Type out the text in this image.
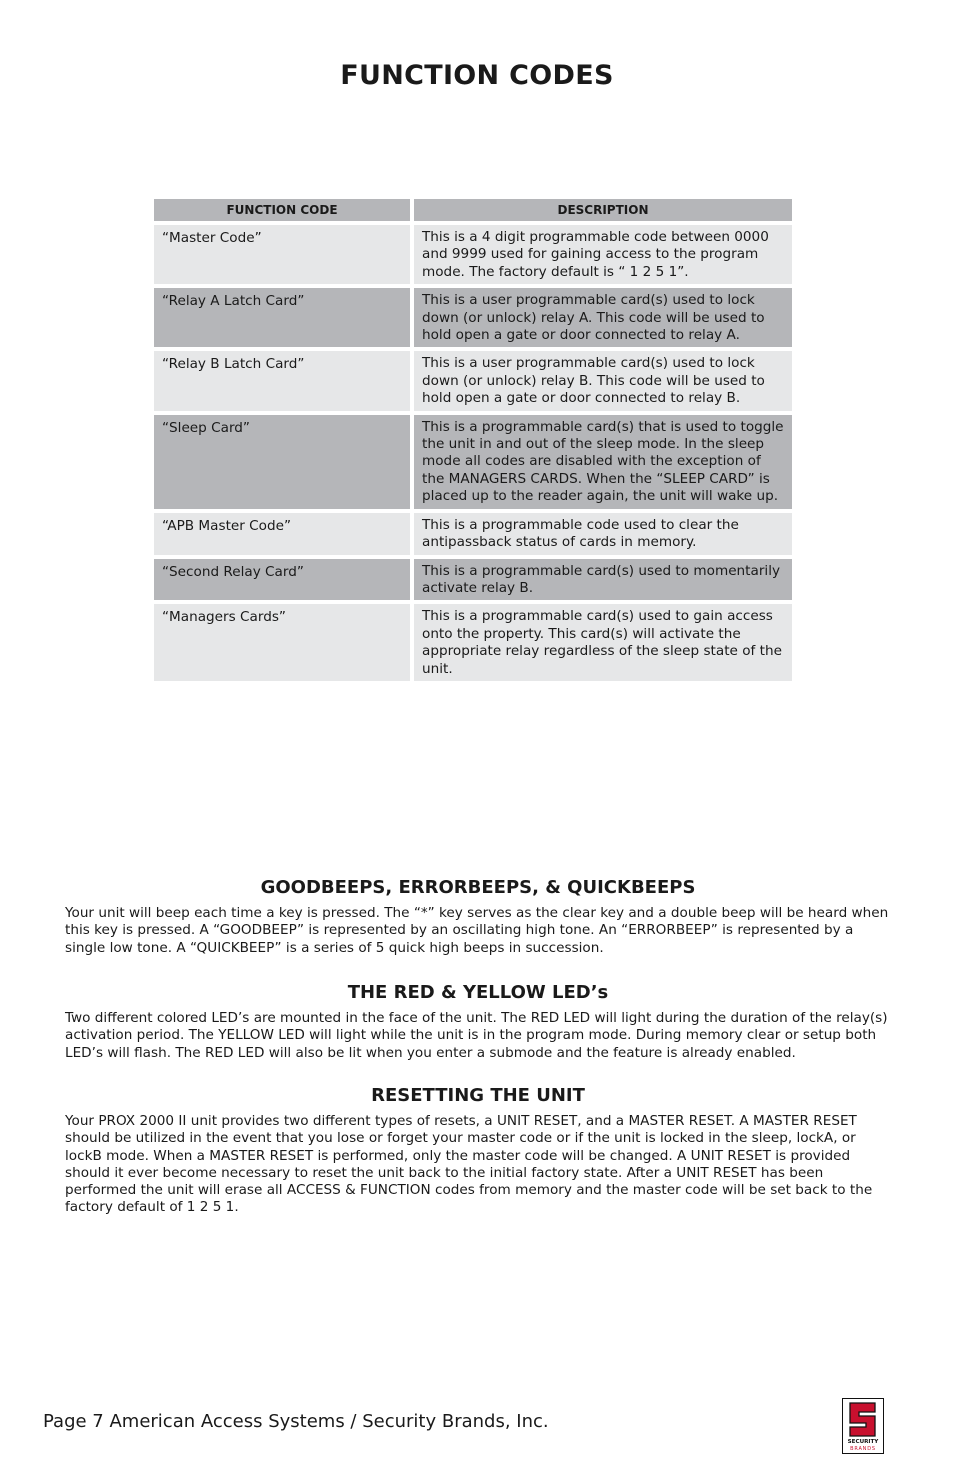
FUNCTION CODES
FUNCTION CODE	DESCRIPTION
“Master Code”	This is a 4 digit programmable code between 0000 and 9999 used for gaining access to the program mode. The factory default is “ 1 2 5 1”.
“Relay A Latch Card”	This is a user programmable card(s) used to lock down (or unlock) relay A. This code will be used to hold open a gate or door connected to relay A.
“Relay B Latch Card”	This is a user programmable card(s) used to lock down (or unlock) relay B. This code will be used to hold open a gate or door connected to relay B.
“Sleep Card”	This is a programmable card(s) that is used to toggle the unit in and out of the sleep mode. In the sleep mode all codes are disabled with the exception of the MANAGERS CARDS. When the “SLEEP CARD” is placed up to the reader again, the unit will wake up.
“APB Master Code”	This is a programmable code used to clear the antipassback status of cards in memory.
“Second Relay Card”	This is a programmable card(s) used to momentarily activate relay B.
“Managers Cards”	This is a programmable card(s) used to gain access onto the property. This card(s) will activate the appropriate relay regardless of the sleep state of the unit.
GOODBEEPS, ERRORBEEPS, & QUICKBEEPS

Your unit will beep each time a key is pressed. The “*” key serves as the clear key and a double beep will be heard when this key is pressed. A “GOODBEEP” is represented by an oscillating high tone. An “ERRORBEEP” is represented by a single low tone. A “QUICKBEEP” is a series of 5 quick high beeps in succession.

THE RED & YELLOW LED’s

Two different colored LED’s are mounted in the face of the unit. The RED LED will light during the duration of the relay(s) activation period. The YELLOW LED will light while the unit is in the program mode. During memory clear or setup both LED’s will flash. The RED LED will also be lit when you enter a submode and the feature is already enabled.

RESETTING THE UNIT

Your PROX 2000 II unit provides two different types of resets, a UNIT RESET, and a MASTER RESET. A MASTER RESET should be utilized in the event that you lose or forget your master code or if the unit is locked in the sleep, lockA, or lockB mode. When a MASTER RESET is performed, only the master code will be changed. A UNIT RESET is provided should it ever become necessary to reset the unit back to the initial factory state. After a UNIT RESET has been performed the unit will erase all ACCESS & FUNCTION codes from memory and the master code will be set back to the factory default of 1 2 5 1.

Page 7 American Access Systems / Security Brands, Inc.
SECURITY
BRANDS
